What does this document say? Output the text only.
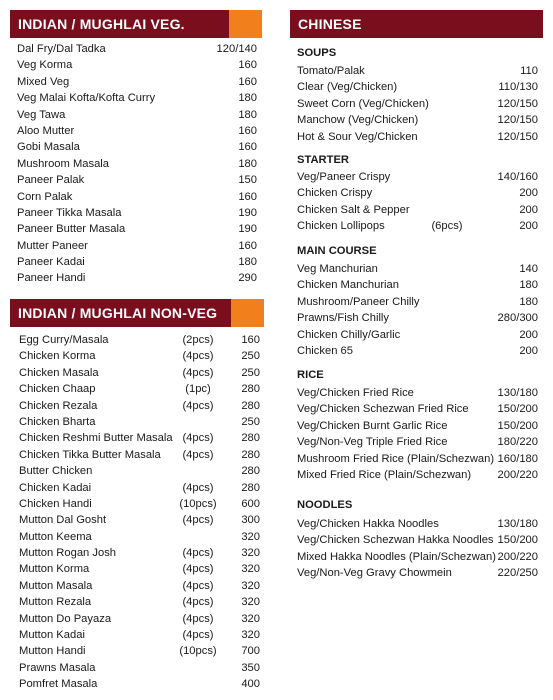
INDIAN / MUGHLAI VEG.
Dal Fry/Dal Tadka	120/140
Veg Korma	160
Mixed Veg	160
Veg Malai Kofta/Kofta Curry	180
Veg Tawa	180
Aloo Mutter	160
Gobi Masala	160
Mushroom Masala	180
Paneer Palak	150
Corn Palak	160
Paneer Tikka Masala	190
Paneer Butter Masala	190
Mutter Paneer	160
Paneer Kadai	180
Paneer Handi	290
INDIAN / MUGHLAI NON-VEG
Egg Curry/Masala	(2pcs)	160
Chicken Korma	(4pcs)	250
Chicken Masala	(4pcs)	250
Chicken Chaap	(1pc)	280
Chicken Rezala	(4pcs)	280
Chicken Bharta	250
Chicken Reshmi Butter Masala (4pcs)	280
Chicken Tikka Butter Masala	(4pcs)	280
Butter Chicken	280
Chicken Kadai	(4pcs)	280
Chicken Handi	(10pcs)	600
Mutton Dal Gosht	(4pcs)	300
Mutton Keema	320
Mutton Rogan Josh	(4pcs)	320
Mutton Korma	(4pcs)	320
Mutton Masala	(4pcs)	320
Mutton Rezala	(4pcs)	320
Mutton Do Payaza	(4pcs)	320
Mutton Kadai	(4pcs)	320
Mutton Handi	(10pcs)	700
Prawns Masala	350
Pomfret Masala	400
CHINESE
SOUPS
Tomato/Palak	110
Clear (Veg/Chicken)	110/130
Sweet Corn (Veg/Chicken)	120/150
Manchow (Veg/Chicken)	120/150
Hot & Sour Veg/Chicken	120/150
STARTER
Veg/Paneer Crispy	140/160
Chicken Crispy	200
Chicken Salt & Pepper	200
Chicken Lollipops	(6pcs)	200
MAIN COURSE
Veg Manchurian	140
Chicken Manchurian	180
Mushroom/Paneer Chilly	180
Prawns/Fish Chilly	280/300
Chicken Chilly/Garlic	200
Chicken 65	200
RICE
Veg/Chicken Fried Rice	130/180
Veg/Chicken Schezwan Fried Rice	150/200
Veg/Chicken Burnt Garlic Rice	150/200
Veg/Non-Veg Triple Fried Rice	180/220
Mushroom Fried Rice (Plain/Schezwan) 160/180
Mixed Fried Rice (Plain/Schezwan) 200/220
NOODLES
Veg/Chicken Hakka Noodles	130/180
Veg/Chicken Schezwan Hakka Noodles 150/200
Mixed Hakka Noodles (Plain/Schezwan) 200/220
Veg/Non-Veg Gravy Chowmein	220/250
